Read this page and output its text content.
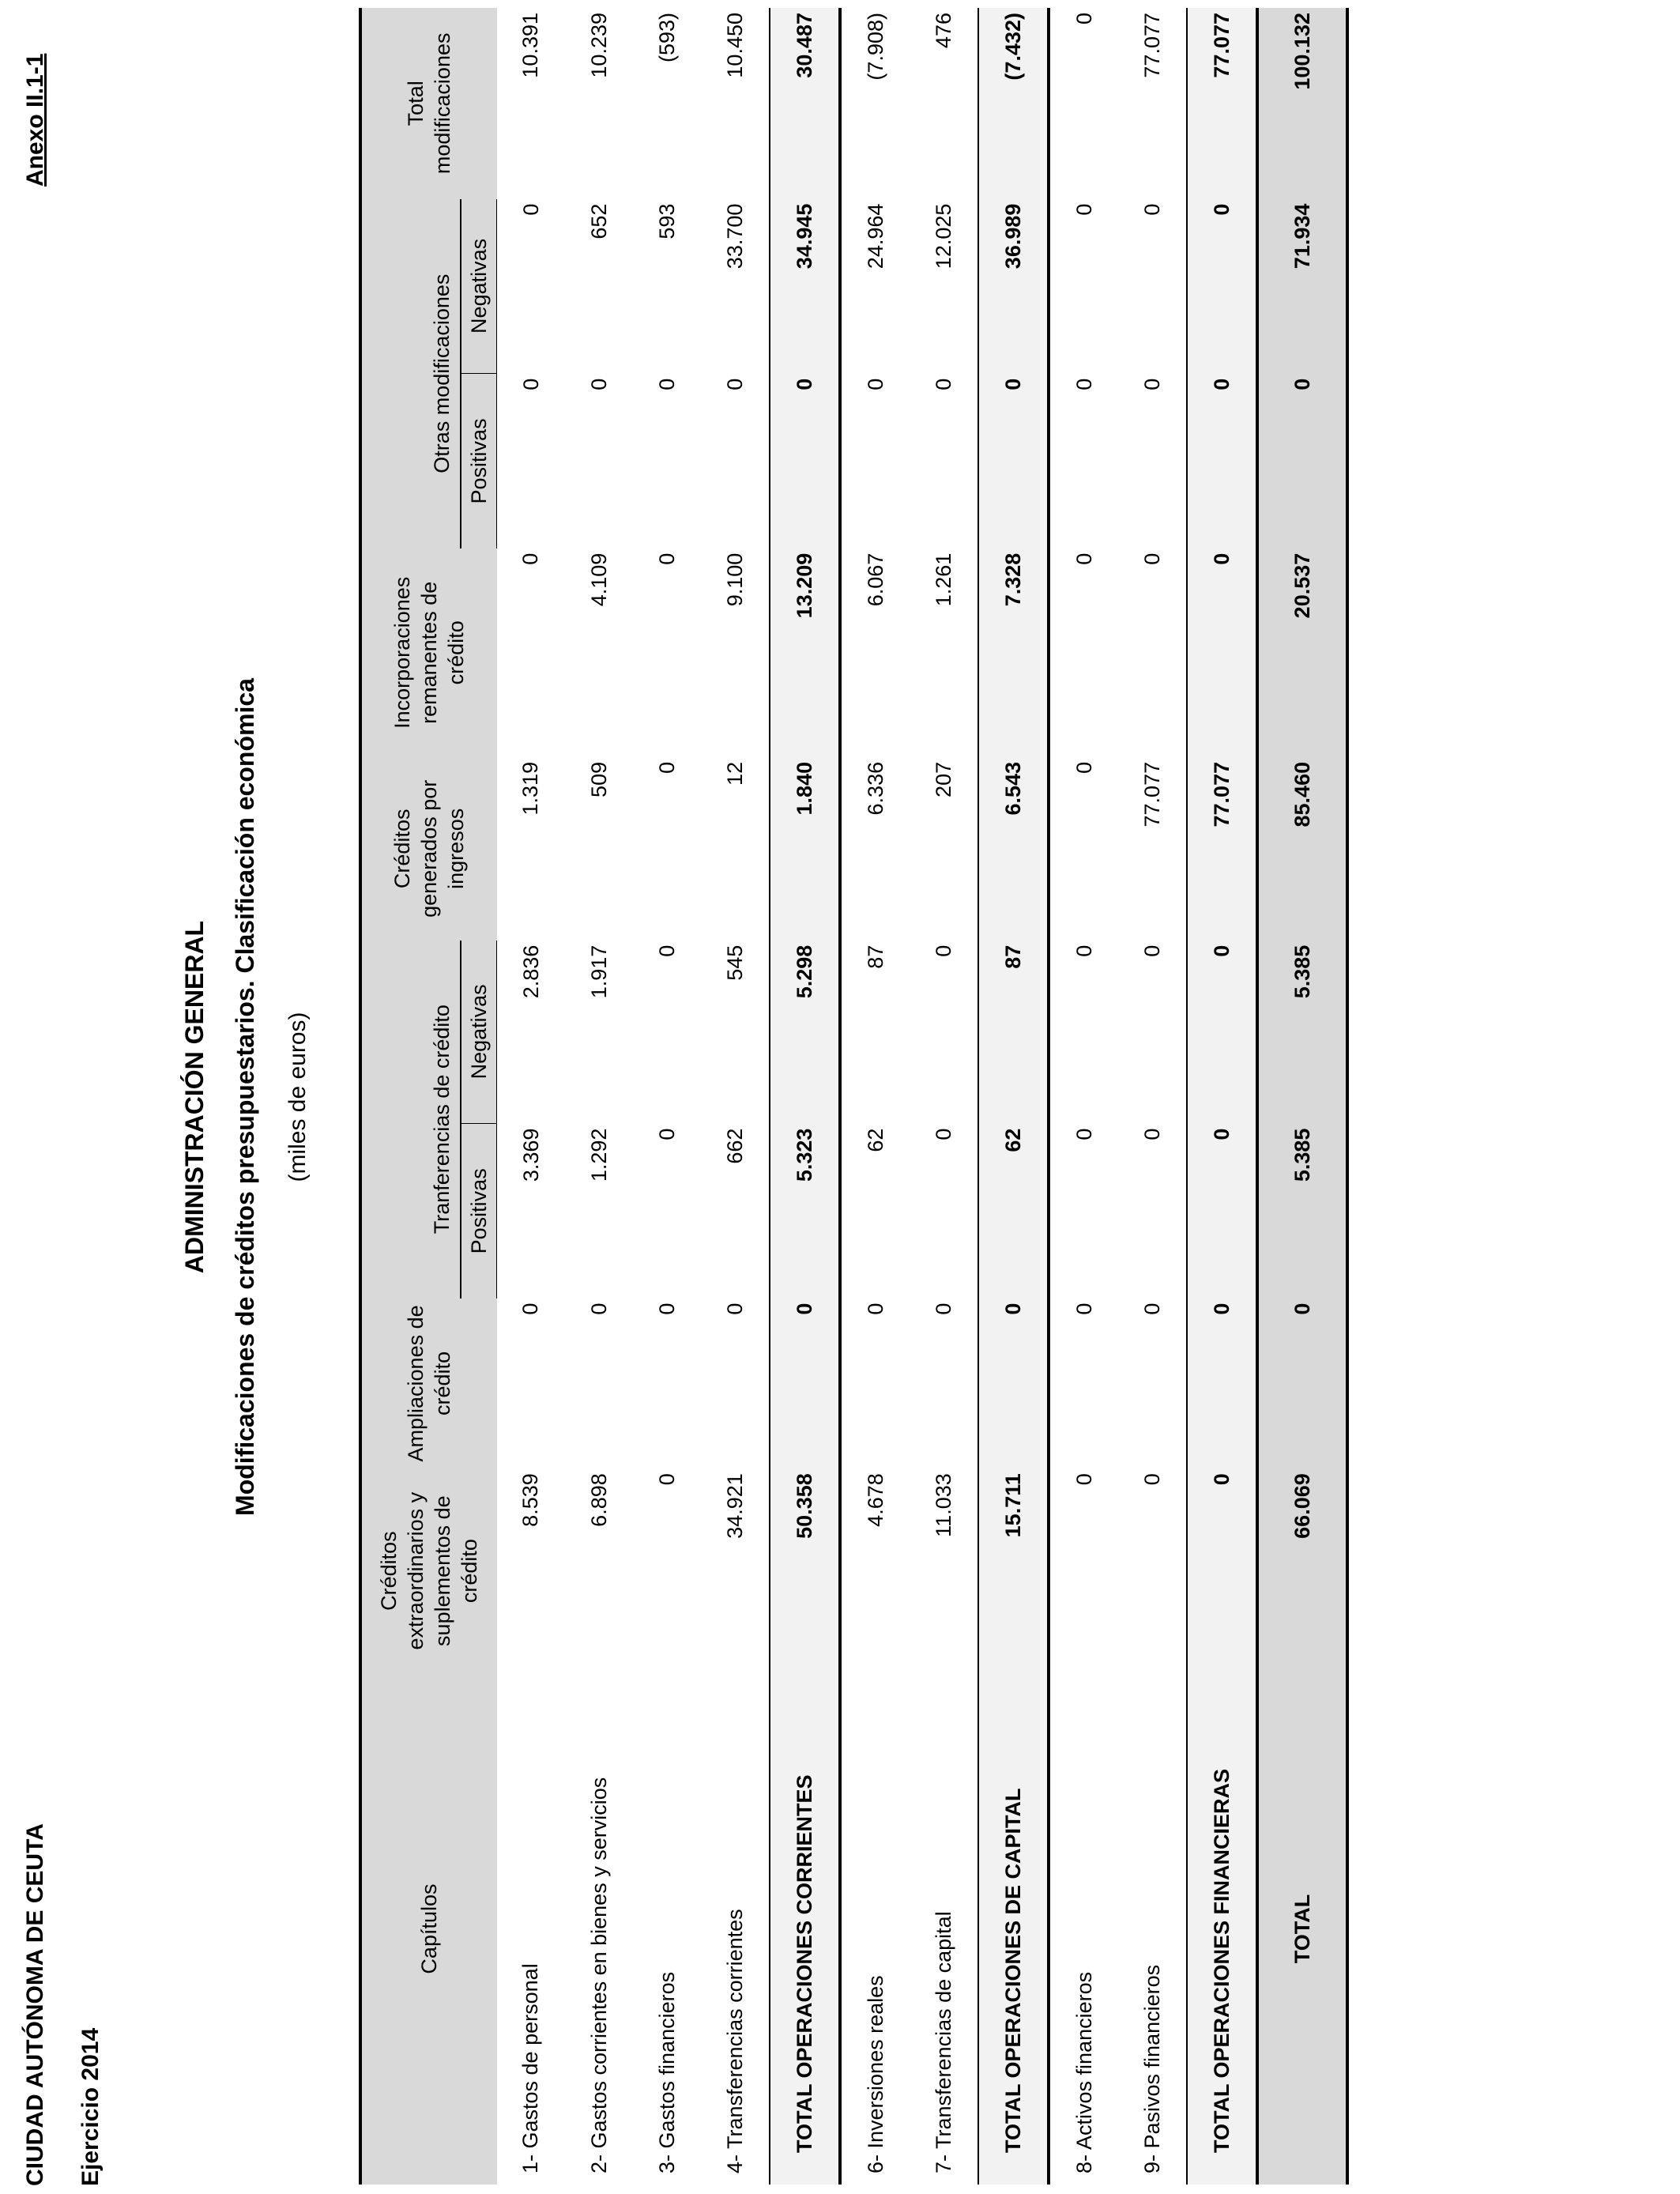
CIUDAD AUTÓNOMA DE CEUTA Ejercicio 2014
Anexo II.1-1
ADMINISTRACIÓN GENERAL Modificaciones de créditos presupuestarios. Clasificación económica (miles de euros)
Capítulos	Créditos extraordinarios y suplementos de crédito	Ampliaciones de crédito	Tranferencias de crédito		Créditos generados por ingresos	Incorporaciones remanentes de crédito	Otras modificaciones		Total modificaciones
			Positivas	Negativas			Positivas	Negativas	
1- Gastos de personal	8.539	0	3.369	2.836	1.319	0	0	0	10.391
2- Gastos corrientes en bienes y servicios	6.898	0	1.292	1.917	509	4.109	0	652	10.239
3- Gastos financieros	0	0	0	0	0	0	0	593	(593)
4- Transferencias corrientes	34.921	0	662	545	12	9.100	0	33.700	10.450
TOTAL OPERACIONES CORRIENTES	50.358	0	5.323	5.298	1.840	13.209	0	34.945	30.487
6- Inversiones reales	4.678	0	62	87	6.336	6.067	0	24.964	(7.908)
7- Transferencias de capital	11.033	0	0	0	207	1.261	0	12.025	476
TOTAL OPERACIONES DE CAPITAL	15.711	0	62	87	6.543	7.328	0	36.989	(7.432)
8- Activos financieros	0	0	0	0	0	0	0	0	0
9- Pasivos financieros	0	0	0	0	77.077	0	0	0	77.077
TOTAL OPERACIONES FINANCIERAS	0	0	0	0	77.077	0	0	0	77.077
TOTAL	66.069	0	5.385	5.385	85.460	20.537	0	71.934	100.132
